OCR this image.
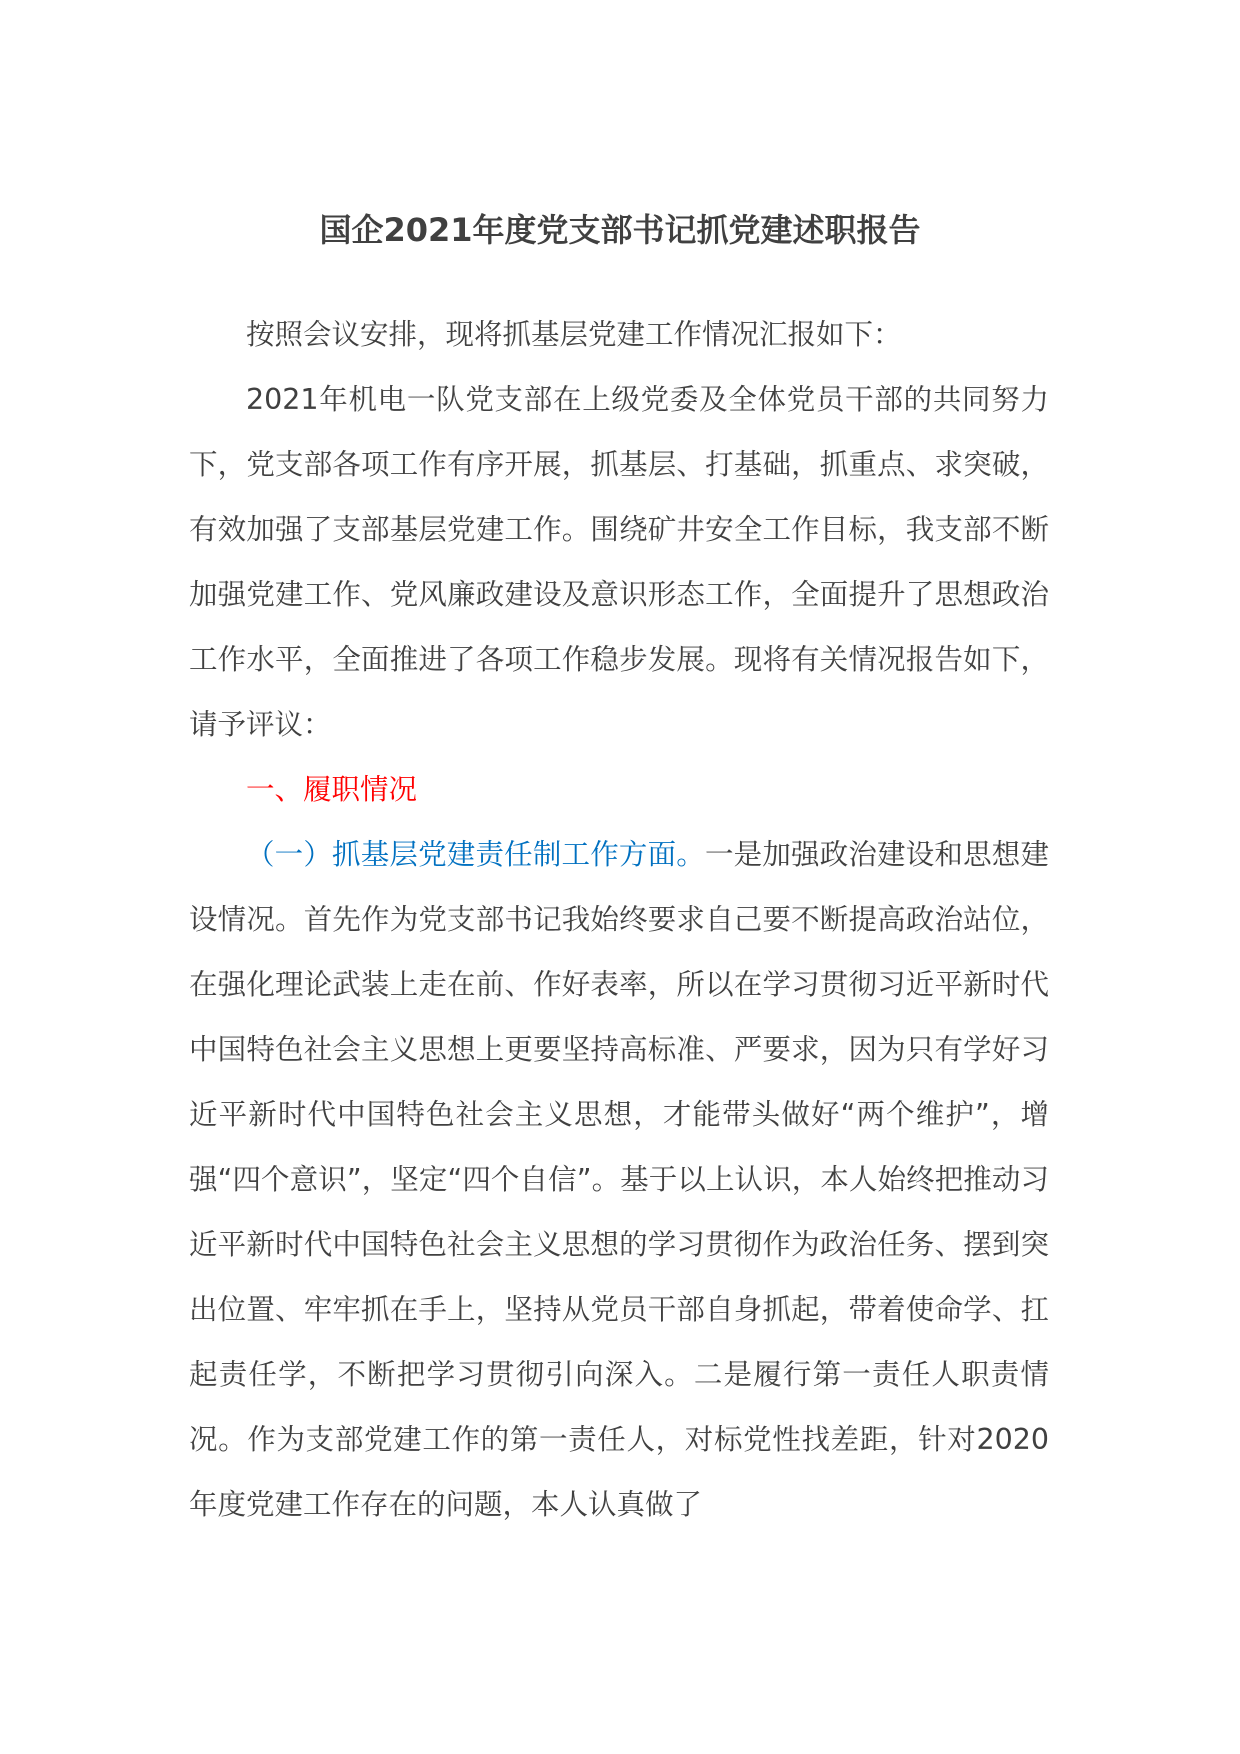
国企2021年度党支部书记抓党建述职报告

按照会议安排，现将抓基层党建工作情况汇报如下：

2021年机电一队党支部在上级党委及全体党员干部的共同努力下，党支部各项工作有序开展，抓基层、打基础，抓重点、求突破，有效加强了支部基层党建工作。围绕矿井安全工作目标，我支部不断加强党建工作、党风廉政建设及意识形态工作，全面提升了思想政治工作水平，全面推进了各项工作稳步发展。现将有关情况报告如下，请予评议：

一、履职情况

（一）抓基层党建责任制工作方面。一是加强政治建设和思想建设情况。首先作为党支部书记我始终要求自己要不断提高政治站位，在强化理论武装上走在前、作好表率，所以在学习贯彻习近平新时代中国特色社会主义思想上更要坚持高标准、严要求，因为只有学好习近平新时代中国特色社会主义思想，才能带头做好“两个维护”，增强“四个意识”，坚定“四个自信”。基于以上认识，本人始终把推动习近平新时代中国特色社会主义思想的学习贯彻作为政治任务、摆到突出位置、牢牢抓在手上，坚持从党员干部自身抓起，带着使命学、扛起责任学，不断把学习贯彻引向深入。二是履行第一责任人职责情况。作为支部党建工作的第一责任人，对标党性找差距，针对2020年度党建工作存在的问题，本人认真做了
